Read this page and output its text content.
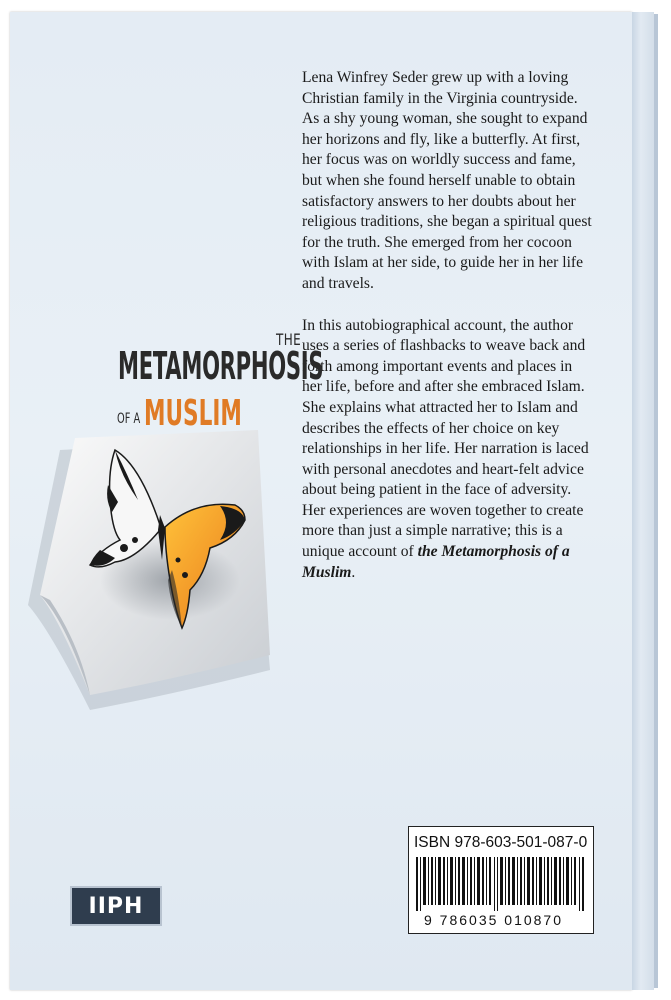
Lena Winfrey Seder grew up with a loving Christian family in the Virginia countryside. As a shy young woman, she sought to expand her horizons and fly, like a butterfly. At first, her focus was on worldly success and fame, but when she found herself unable to obtain satisfactory answers to her doubts about her religious traditions, she began a spiritual quest for the truth. She emerged from her cocoon with Islam at her side, to guide her in her life and travels.

In this autobiographical account, the author uses a series of flashbacks to weave back and forth among important events and places in her life, before and after she embraced Islam. She explains what attracted her to Islam and describes the effects of her choice on key relationships in her life. Her narration is laced with personal anecdotes and heart-felt advice about being patient in the face of adversity. Her experiences are woven together to create more than just a simple narrative; this is a unique account of the Metamorphosis of a Muslim.

THE
METAMORPHOSIS
OF A MUSLIM
ISBN 978-603-501-087-0
9 786035 010870
IIPH
